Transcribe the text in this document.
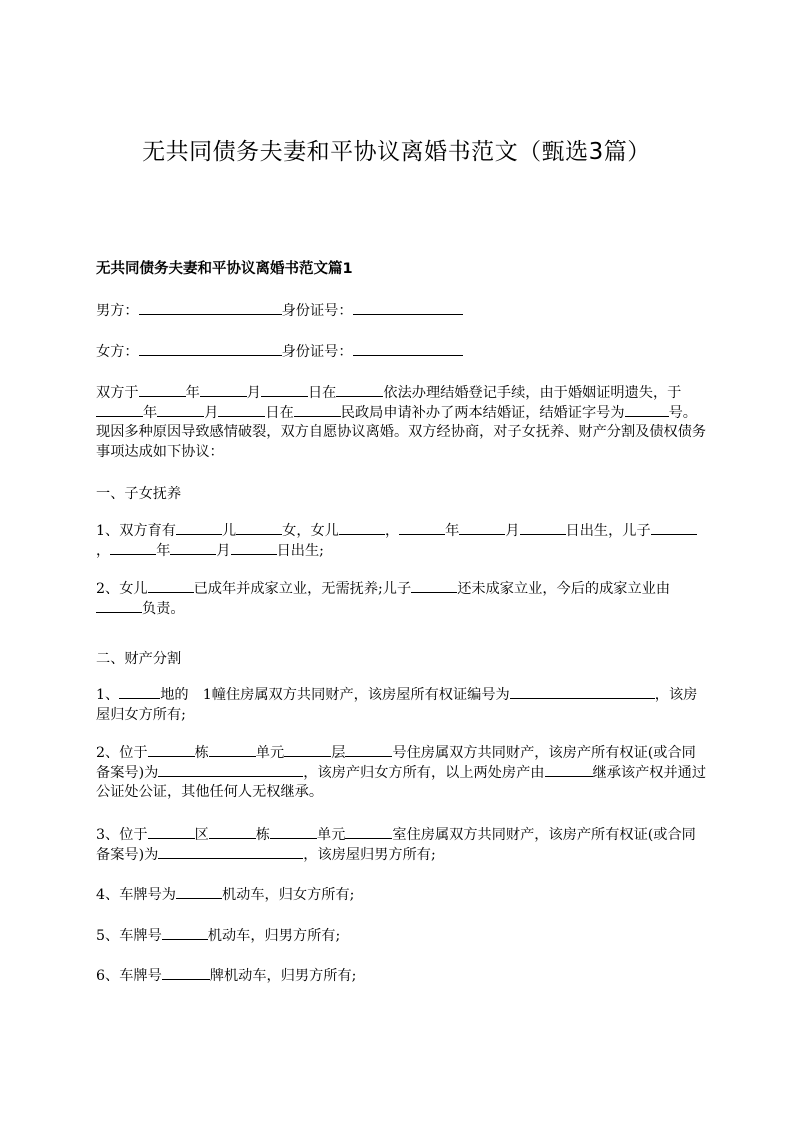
无共同债务夫妻和平协议离婚书范文（甄选3篇）
无共同债务夫妻和平协议离婚书范文篇1
男方：	身份证号：
女方：	身份证号：
双方于	年	月	日在	依法办理结婚登记手续，由于婚姻证明遗失，于年	月	日在	民政局申请补办了两本结婚证，结婚证字号为	号。现因多种原因导致感情破裂，双方自愿协议离婚。双方经协商，对子女抚养、财产分割及债权债务事项达成如下协议：
一、子女抚养
1、双方育有	儿	女，女儿	，	年	月	日出生，儿子，	年	月	日出生;
2、女儿	已成年并成家立业，无需抚养;儿子	还未成家立业，今后的成家立业由负责。
二、财产分割
1、	地的　1幢住房属双方共同财产，该房屋所有权证编号为	，该房屋归女方所有;
2、位于	栋	单元	层	号住房属双方共同财产，该房产所有权证(或合同备案号)为	，该房产归女方所有，以上两处房产由	继承该产权并通过公证处公证，其他任何人无权继承。
3、位于	区	栋	单元	室住房属双方共同财产，该房产所有权证(或合同备案号)为	，该房屋归男方所有;
4、车牌号为	机动车，归女方所有;
5、车牌号	机动车，归男方所有;
6、车牌号	牌机动车，归男方所有;
